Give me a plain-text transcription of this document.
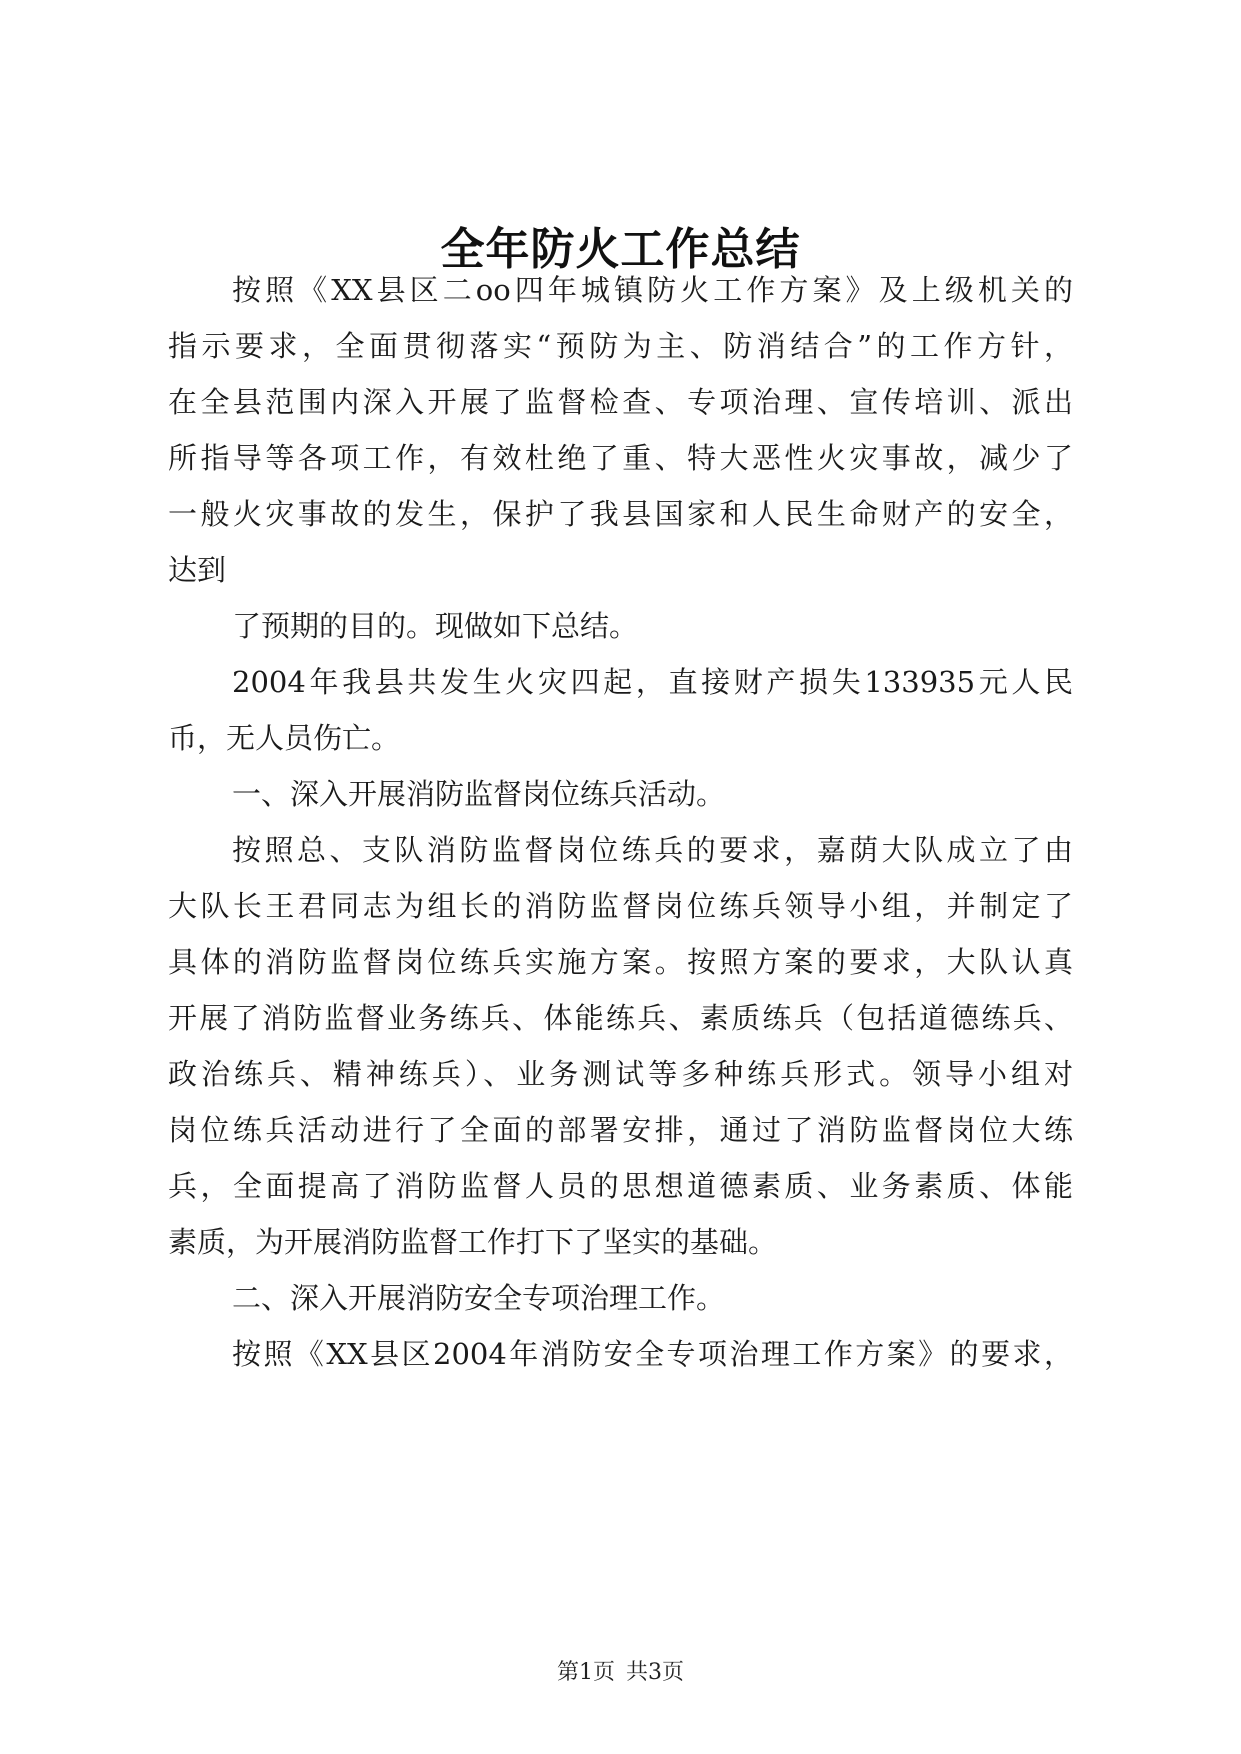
全年防火工作总结
按照《XX县区二oo四年城镇防火工作方案》及上级机关的
指示要求，全面贯彻落实“预防为主、防消结合”的工作方针，
在全县范围内深入开展了监督检查、专项治理、宣传培训、派出
所指导等各项工作，有效杜绝了重、特大恶性火灾事故，减少了
一般火灾事故的发生，保护了我县国家和人民生命财产的安全，
达到
了预期的目的。现做如下总结。
2004年我县共发生火灾四起，直接财产损失133935元人民
币，无人员伤亡。
一、深入开展消防监督岗位练兵活动。
按照总、支队消防监督岗位练兵的要求，嘉荫大队成立了由
大队长王君同志为组长的消防监督岗位练兵领导小组，并制定了
具体的消防监督岗位练兵实施方案。按照方案的要求，大队认真
开展了消防监督业务练兵、体能练兵、素质练兵（包括道德练兵、
政治练兵、精神练兵）、业务测试等多种练兵形式。领导小组对
岗位练兵活动进行了全面的部署安排，通过了消防监督岗位大练
兵，全面提高了消防监督人员的思想道德素质、业务素质、体能
素质，为开展消防监督工作打下了坚实的基础。
二、深入开展消防安全专项治理工作。
按照《XX县区2004年消防安全专项治理工作方案》的要求，
第1页 共3页
